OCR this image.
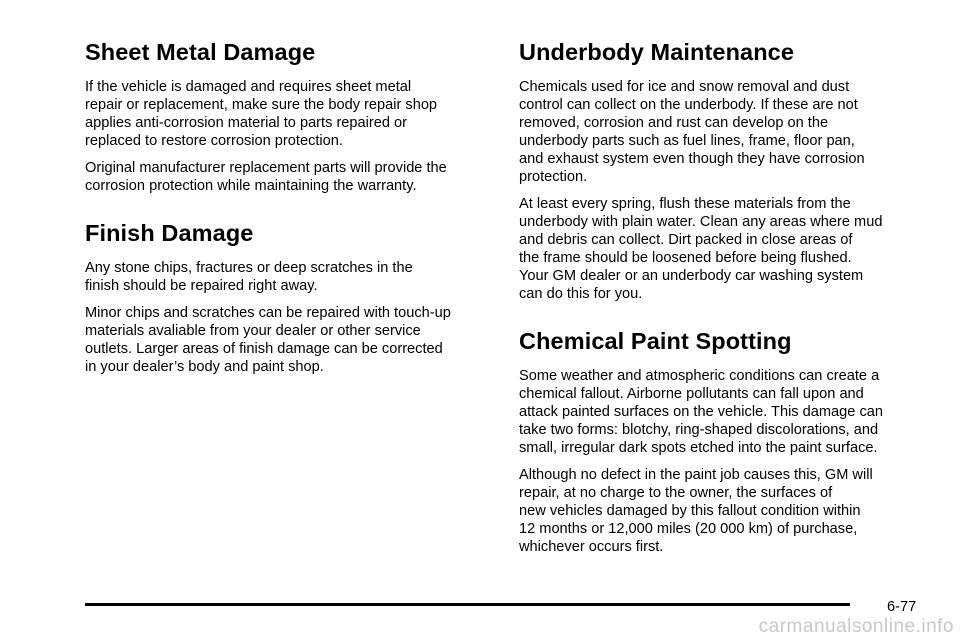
Sheet Metal Damage

If the vehicle is damaged and requires sheet metal
repair or replacement, make sure the body repair shop
applies anti-corrosion material to parts repaired or
replaced to restore corrosion protection.

Original manufacturer replacement parts will provide the
corrosion protection while maintaining the warranty.

Finish Damage

Any stone chips, fractures or deep scratches in the
finish should be repaired right away.

Minor chips and scratches can be repaired with touch-up
materials avaliable from your dealer or other service
outlets. Larger areas of finish damage can be corrected
in your dealer’s body and paint shop.

Underbody Maintenance

Chemicals used for ice and snow removal and dust
control can collect on the underbody. If these are not
removed, corrosion and rust can develop on the
underbody parts such as fuel lines, frame, floor pan,
and exhaust system even though they have corrosion
protection.

At least every spring, flush these materials from the
underbody with plain water. Clean any areas where mud
and debris can collect. Dirt packed in close areas of
the frame should be loosened before being flushed.
Your GM dealer or an underbody car washing system
can do this for you.

Chemical Paint Spotting

Some weather and atmospheric conditions can create a
chemical fallout. Airborne pollutants can fall upon and
attack painted surfaces on the vehicle. This damage can
take two forms: blotchy, ring-shaped discolorations, and
small, irregular dark spots etched into the paint surface.

Although no defect in the paint job causes this, GM will
repair, at no charge to the owner, the surfaces of
new vehicles damaged by this fallout condition within
12 months or 12,000 miles (20 000 km) of purchase,
whichever occurs first.

6-77
carmanualsonline.info
